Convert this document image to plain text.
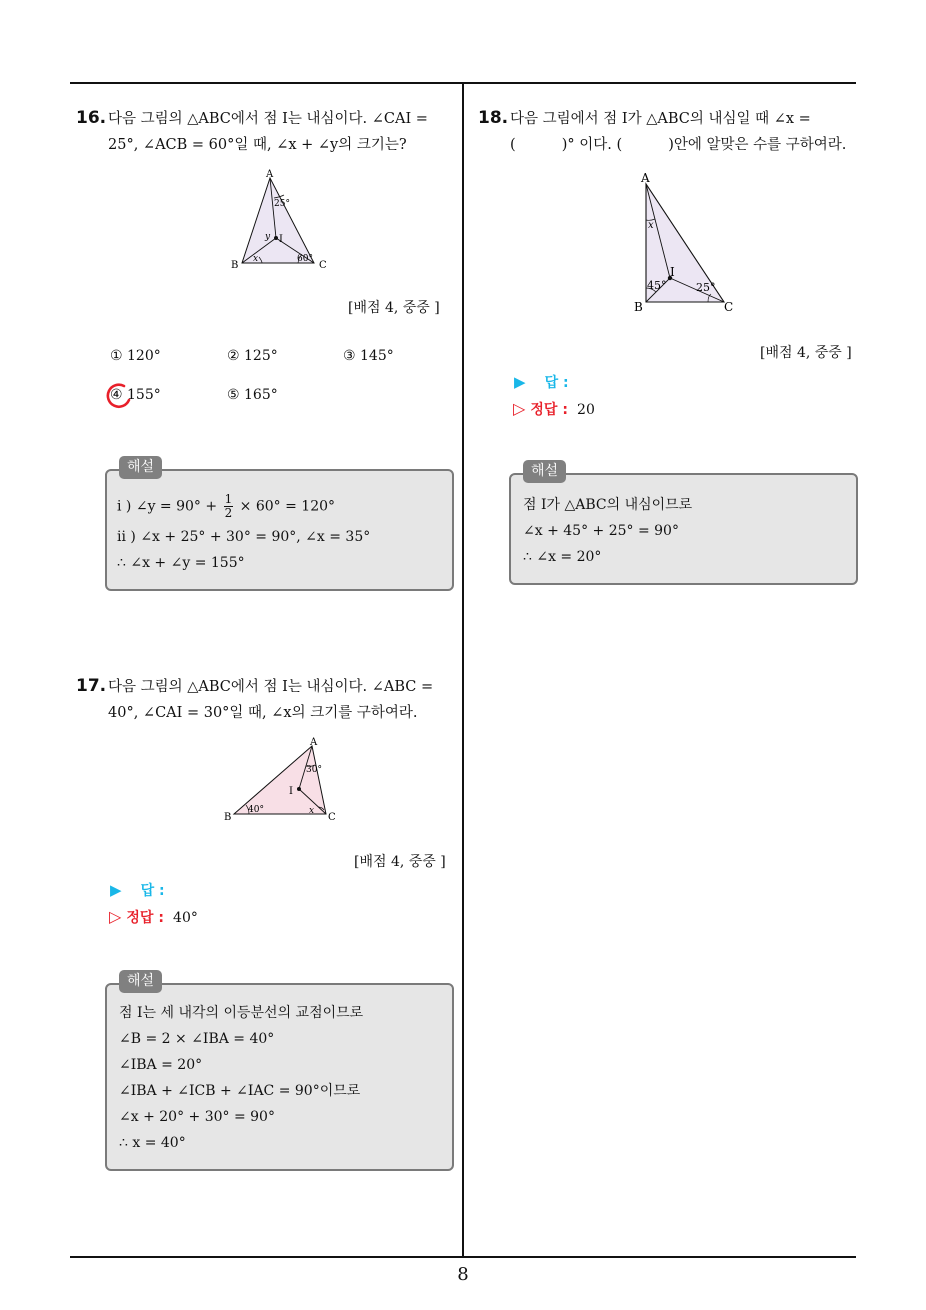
8
16. 다음 그림의 △ABC에서 점 I는 내심이다. ∠CAI =
25°, ∠ACB = 60°일 때, ∠x + ∠y의 크기는?
A
B	C
I
25°
60°
x
y
[배점 4, 중중 ]
① 120°	② 125°	③ 145°
④ 155°	⑤ 165°
i ) ∠y = $90^\circ + \frac{1}{2} \times 60^\circ = 120^\circ$
ii ) ∠x + 25° + 30° = 90°, ∠x = 35°
∴ ∠x + ∠y = 155°
해설
17. 다음 그림의 △ABC에서 점 I는 내심이다. ∠ABC =
40°, ∠CAI = 30°일 때, ∠x의 크기를 구하여라.
A
B	C
I
30°
40°	x
[배점 4, 중중 ]
▶ 답 :
▷ 정답 : 40°
점 I는 세 내각의 이등분선의 교점이므로
∠B = 2 × ∠IBA = 40°
∠IBA = 20°
∠IBA + ∠ICB + ∠IAC = 90°이므로
∠x + 20° + 30° = 90°
∴ x = 40°
해설
18. 다음 그림에서 점 I가 △ABC의 내심일 때 ∠x =
(          )° 이다. (          )안에 알맞은 수를 구하여라.
A
B	C
I
45°	25°
x
[배점 4, 중중 ]
▶ 답 :
▷ 정답 : 20
점 I가 △ABC의 내심이므로
∠x + 45° + 25° = 90°
∴ ∠x = 20°
해설
